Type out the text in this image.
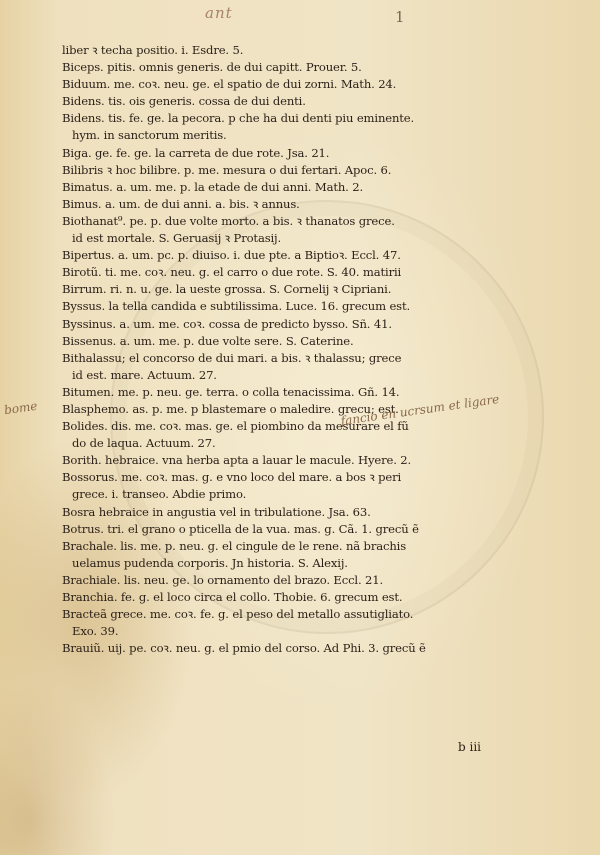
ant	1
liber ꝛ techa positio. i. Esdre. 5.
Biceps. pitis. omnis generis. de dui capitt. Prouer. 5.
Biduum. me. coꝛ. neu. ge. el spatio de dui zorni. Math. 24.
Bidens. tis. ois generis. cossa de dui denti.
Bidens. tis. fe. ge. la pecora. p che ha dui denti piu eminente.
hym. in sanctorum meritis.
Biga. ge. fe. ge. la carreta de due rote. Jsa. 21.
Bilibris ꝛ hoc bilibre. p. me. mesura o dui fertari. Apoc. 6.
Bimatus. a. um. me. p. la etade de dui anni. Math. 2.
Bimus. a. um. de dui anni. a. bis. ꝛ annus.
Biothanat⁹. pe. p. due volte morto. a bis. ꝛ thanatos grece.
id est mortale. S. Geruasij ꝛ Protasij.
Bipertus. a. um. pc. p. diuiso. i. due pte. a Biptioꝛ. Eccl. 47.
Birotũ. ti. me. coꝛ. neu. g. el carro o due rote. S. 40. matirii
Birrum. ri. n. u. ge. la ueste grossa. S. Cornelij ꝛ Cipriani.
Byssus. la tella candida e subtilissima. Luce. 16. grecum est.
Byssinus. a. um. me. coꝛ. cossa de predicto bysso. Sñ. 41.
Bissenus. a. um. me. p. due volte sere. S. Caterine.
Bithalassu; el concorso de dui mari. a bis. ꝛ thalassu; grece
id est. mare. Actuum. 27.
Bitumen. me. p. neu. ge. terra. o colla tenacissima. Gñ. 14.
Blasphemo. as. p. me. p blastemare o maledire. grecu; est.
Bolides. dis. me. coꝛ. mas. ge. el piombino da mesurare el fũ
do de laqua. Actuum. 27.
Borith. hebraice. vna herba apta a lauar le macule. Hyere. 2.
Bossorus. me. coꝛ. mas. g. e vno loco del mare. a bos ꝛ peri
grece. i. transeo. Abdie primo.
Bosra hebraice in angustia vel in tribulatione. Jsa. 63.
Botrus. tri. el grano o pticella de la vua. mas. g. Cã. 1. grecũ ẽ
Brachale. lis. me. p. neu. g. el cingule de le rene. nã brachis
uelamus pudenda corporis. Jn historia. S. Alexij.
Brachiale. lis. neu. ge. lo ornamento del brazo. Eccl. 21.
Branchia. fe. g. el loco circa el collo. Thobie. 6. grecum est.
Bracteã grece. me. coꝛ. fe. g. el peso del metallo assutigliato.
Exo. 39.
Brauiũ. uij. pe. coꝛ. neu. g. el pmio del corso. Ad Phi. 3. grecũ ẽ
bome	fancio en ucrsum et ligare
b iii
